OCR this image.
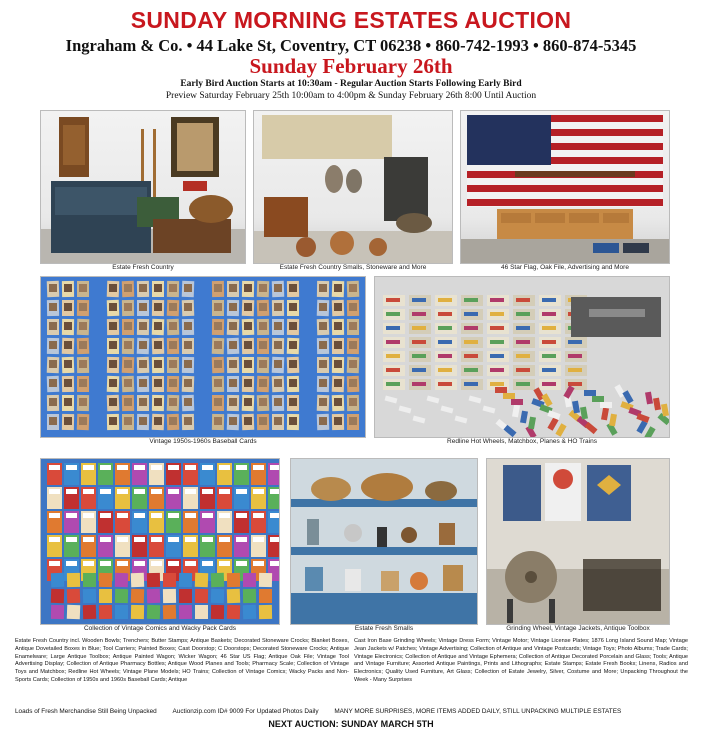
SUNDAY MORNING ESTATES AUCTION
Ingraham & Co. • 44 Lake St, Coventry, CT 06238 • 860-742-1993 • 860-874-5345
Sunday February 26th
Early Bird Auction Starts at 10:30am - Regular Auction Starts Following Early Bird
Preview Saturday February 25th 10:00am to 4:00pm & Sunday February 26th 8:00 Until Auction
Estate Fresh Country	Estate Fresh Country Smalls, Stoneware and More	46 Star Flag, Oak File, Advertising and More
Vintage 1950s-1960s Baseball Cards	Redline Hot Wheels, Matchbox, Planes & HO Trains
Collection of Vintage Comics and Wacky Pack Cards	Estate Fresh Smalls	Grinding Wheel, Vintage Jackets, Antique Toolbox
Estate Fresh Country incl. Wooden Bowls; Trenchers; Butter Stamps; Antique Baskets; Decorated Stoneware Crocks; Blanket Boxes, Antique Dovetailed Boxes in Blue; Tool Carriers; Painted Boxes; Cast Doorstop; C Doorstops; Decorated Stoneware Crocks; Antique Enamelware; Large Antique Toolbox; Antique Painted Wagon; Wicker Wagon; 46 Star US Flag; Antique Oak File; Vintage Tool Advertising Display; Collection of Antique Pharmacy Bottles; Antique Wood Planes and Tools; Pharmacy Scale; Collection of Vintage Toys and Matchbox; Redline Hot Wheels; Vintage Plane Models; HO Trains; Collection of Vintage Comics; Wacky Packs and Non-Sports Cards; Collection of 1950s and 1960s Baseball Cards; Antique
Cast Iron Base Grinding Wheels; Vintage Dress Form; Vintage Motor; Vintage License Plates; 1876 Long Island Sound Map; Vintage Jean Jackets w/ Patches; Vintage Advertising; Collection of Antique and Vintage Postcards; Vintage Toys; Photo Albums; Trade Cards; Vintage Electronics; Collection of Antique and Vintage Ephemera; Collection of Antique Decorated Porcelain and Glass; Tools; Antique and Vintage Furniture; Assorted Antique Paintings, Prints and Lithographs; Estate Stamps; Estate Fresh Books; Linens, Radios and Electronics; Quality Used Furniture, Art Glass; Collection of Estate Jewelry, Silver, Costume and More; Unpacking Throughout the Week - Many Surprises
Loads of Fresh Merchandise Still Being Unpacked Auctionzip.com ID# 9009 For Updated Photos Daily MANY MORE SURPRISES, MORE ITEMS ADDED DAILY, STILL UNPACKING MULTIPLE ESTATES
NEXT AUCTION: SUNDAY MARCH 5TH
